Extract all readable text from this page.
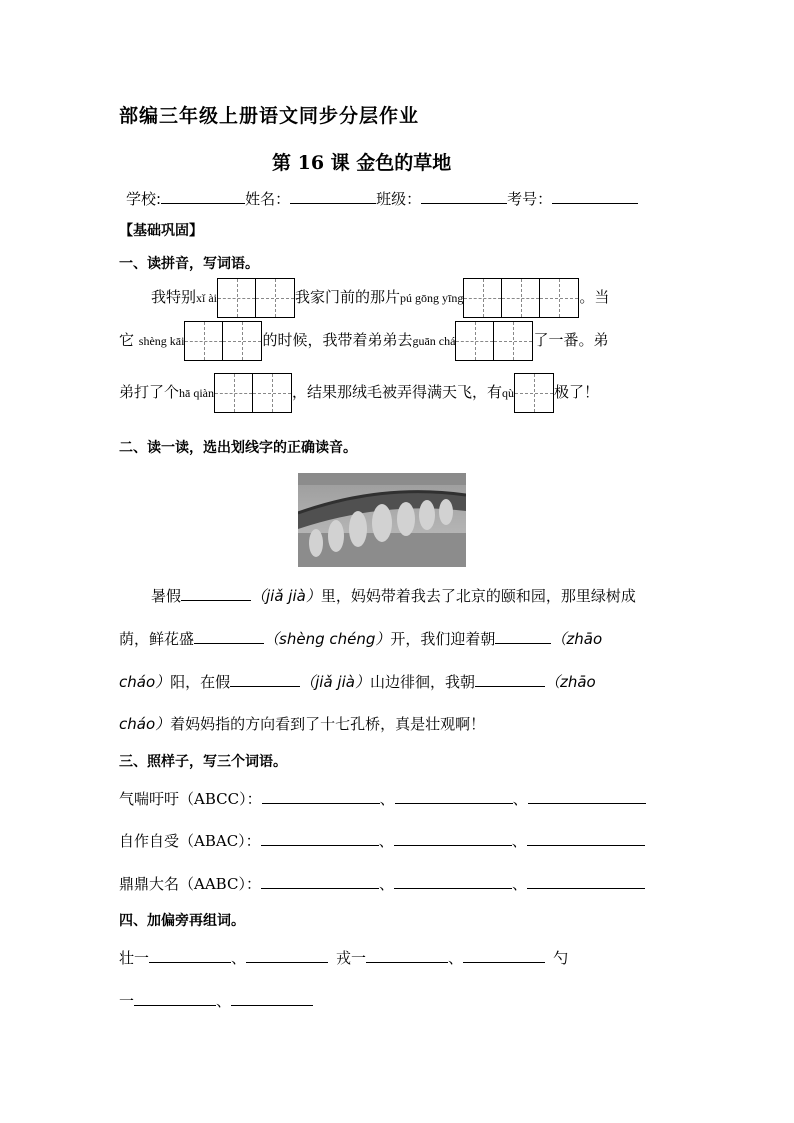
部编三年级上册语文同步分层作业
第 16 课 金色的草地
学校:	姓名：	班级：	考号：
【基础巩固】
一、读拼音，写词语。
我特别xǐ ài	我家门前的那片pú gōng yīng	。当
它 shèng kāi	的时候，我带着弟弟去guān chá	了一番。弟
弟打了个hā qiàn	，结果那绒毛被弄得满天飞，有qù	极了！
二、读一读，选出划线字的正确读音。
暑假	（jiǎ jià）里，妈妈带着我去了北京的颐和园，那里绿树成
荫，鲜花盛	（shèng chéng）开，我们迎着朝	（zhāo
cháo）阳，在假	（jiǎ jià）山边徘徊，我朝	（zhāo
cháo）着妈妈指的方向看到了十七孔桥，真是壮观啊！
三、照样子，写三个词语。
气喘吁吁（ABCC）：	、	、
自作自受（ABAC）：	、	、
鼎鼎大名（AABC）：	、	、
四、加偏旁再组词。
壮一	、	戎一	、	勺
一	、
